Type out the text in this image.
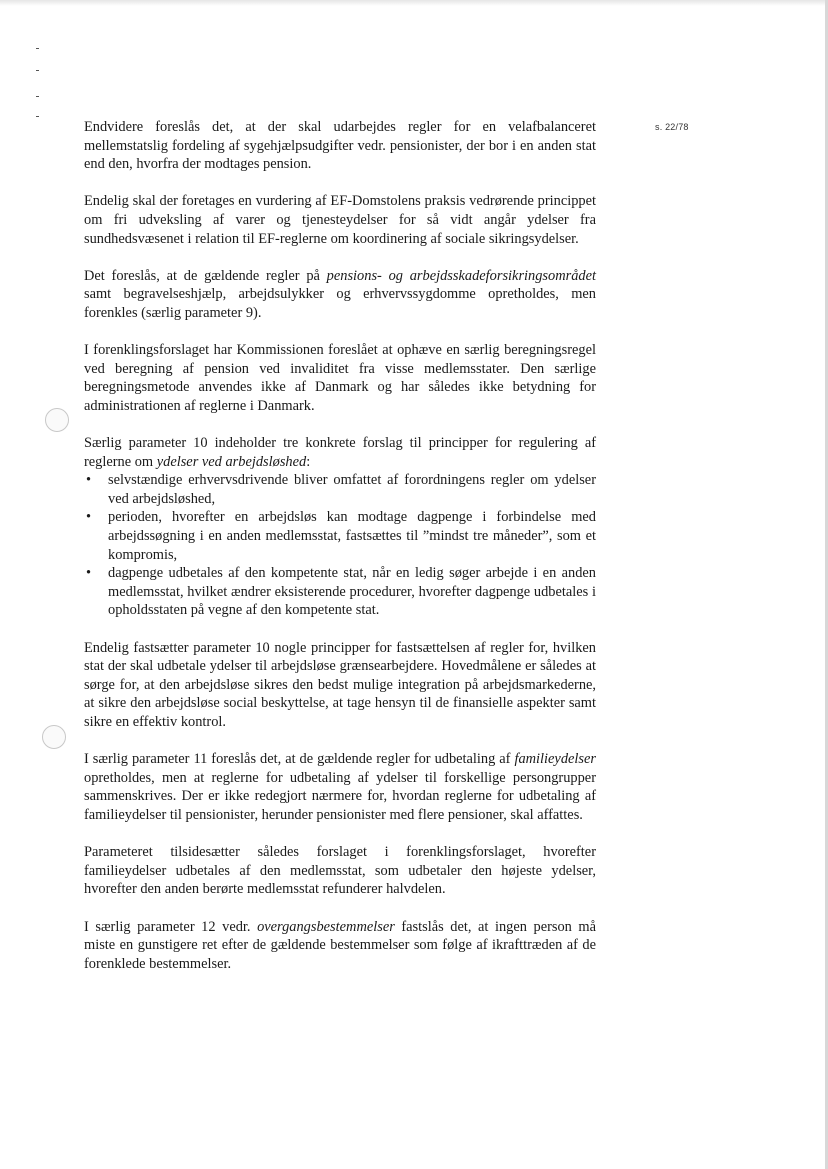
s. 22/78

Endvidere foreslås det, at der skal udarbejdes regler for en velafbalanceret mellemstatslig fordeling af sygehjælpsudgifter vedr. pensionister, der bor i en anden stat end den, hvorfra der modtages pension.

Endelig skal der foretages en vurdering af EF-Domstolens praksis vedrørende princippet om fri udveksling af varer og tjenesteydelser for så vidt angår ydelser fra sundhedsvæsenet i relation til EF-reglerne om koordinering af sociale sikringsydelser.

Det foreslås, at de gældende regler på pensions- og arbejdsskadeforsikringsområdet samt begravelseshjælp, arbejdsulykker og erhvervssygdomme opretholdes, men forenkles (særlig parameter 9).

I forenklingsforslaget har Kommissionen foreslået at ophæve en særlig beregningsregel ved beregning af pension ved invaliditet fra visse medlemsstater. Den særlige beregningsmetode anvendes ikke af Danmark og har således ikke betydning for administrationen af reglerne i Danmark.

Særlig parameter 10 indeholder tre konkrete forslag til principper for regulering af reglerne om ydelser ved arbejdsløshed:

• selvstændige erhvervsdrivende bliver omfattet af forordningens regler om ydelser ved arbejdsløshed,
• perioden, hvorefter en arbejdsløs kan modtage dagpenge i forbindelse med arbejdssøgning i en anden medlemsstat, fastsættes til ”mindst tre måneder”, som et kompromis,
• dagpenge udbetales af den kompetente stat, når en ledig søger arbejde i en anden medlemsstat, hvilket ændrer eksisterende procedurer, hvorefter dagpenge udbetales i opholdsstaten på vegne af den kompetente stat.

Endelig fastsætter parameter 10 nogle principper for fastsættelsen af regler for, hvilken stat der skal udbetale ydelser til arbejdsløse grænsearbejdere. Hovedmålene er således at sørge for, at den arbejdsløse sikres den bedst mulige integration på arbejdsmarkederne, at sikre den arbejdsløse social beskyttelse, at tage hensyn til de finansielle aspekter samt sikre en effektiv kontrol.

I særlig parameter 11 foreslås det, at de gældende regler for udbetaling af familieydelser opretholdes, men at reglerne for udbetaling af ydelser til forskellige persongrupper sammenskrives. Der er ikke redegjort nærmere for, hvordan reglerne for udbetaling af familieydelser til pensionister, herunder pensionister med flere pensioner, skal affattes.

Parameteret tilsidesætter således forslaget i forenklingsforslaget, hvorefter familieydelser udbetales af den medlemsstat, som udbetaler den højeste ydelser, hvorefter den anden berørte medlemsstat refunderer halvdelen.

I særlig parameter 12 vedr. overgangsbestemmelser fastslås det, at ingen person må miste en gunstigere ret efter de gældende bestemmelser som følge af ikrafttræden af de forenklede bestemmelser.
